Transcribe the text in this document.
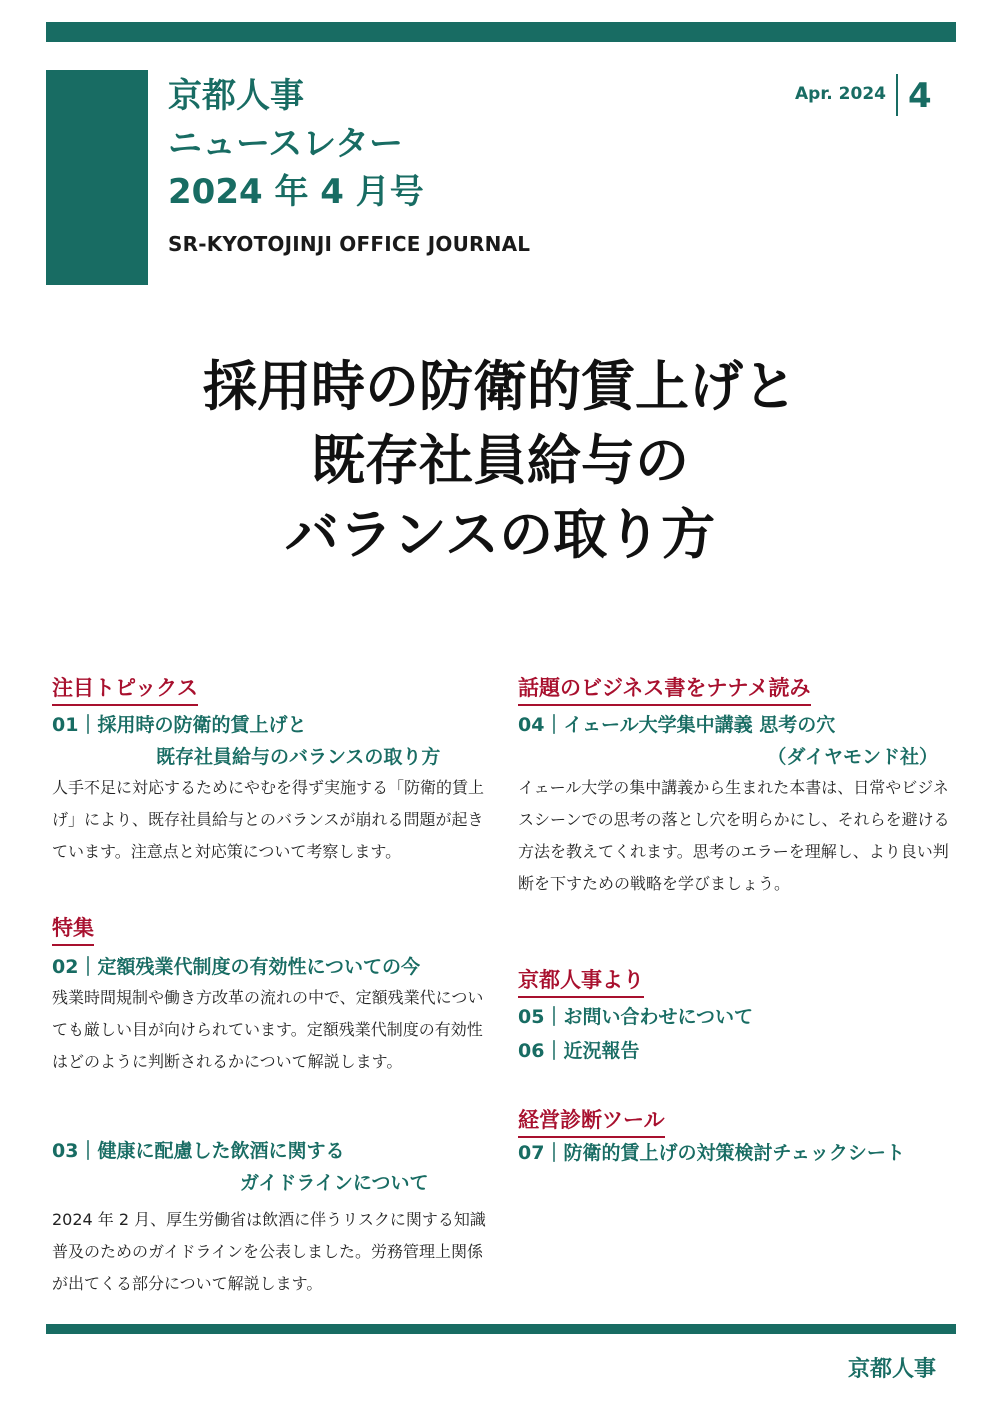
京都人事
ニュースレター
2024 年 4 月号
SR-KYOTOJINJI OFFICE JOURNAL
Apr. 2024 4
採用時の防衛的賃上げと
既存社員給与の
バランスの取り方
注目トピックス
01｜採用時の防衛的賃上げと
既存社員給与のバランスの取り方
人手不足に対応するためにやむを得ず実施する「防衛的賃上げ」により、既存社員給与とのバランスが崩れる問題が起きています。注意点と対応策について考察します。
特集
02｜定額残業代制度の有効性についての今
残業時間規制や働き方改革の流れの中で、定額残業代についても厳しい目が向けられています。定額残業代制度の有効性はどのように判断されるかについて解説します。
03｜健康に配慮した飲酒に関する
ガイドラインについて
2024 年 2 月、厚生労働省は飲酒に伴うリスクに関する知識普及のためのガイドラインを公表しました。労務管理上関係が出てくる部分について解説します。
話題のビジネス書をナナメ読み
04｜イェール大学集中講義 思考の穴
（ダイヤモンド社）
イェール大学の集中講義から生まれた本書は、日常やビジネスシーンでの思考の落とし穴を明らかにし、それらを避ける方法を教えてくれます。思考のエラーを理解し、より良い判断を下すための戦略を学びましょう。
京都人事より
05｜お問い合わせについて
06｜近況報告
経営診断ツール
07｜防衛的賃上げの対策検討チェックシート
京都人事
